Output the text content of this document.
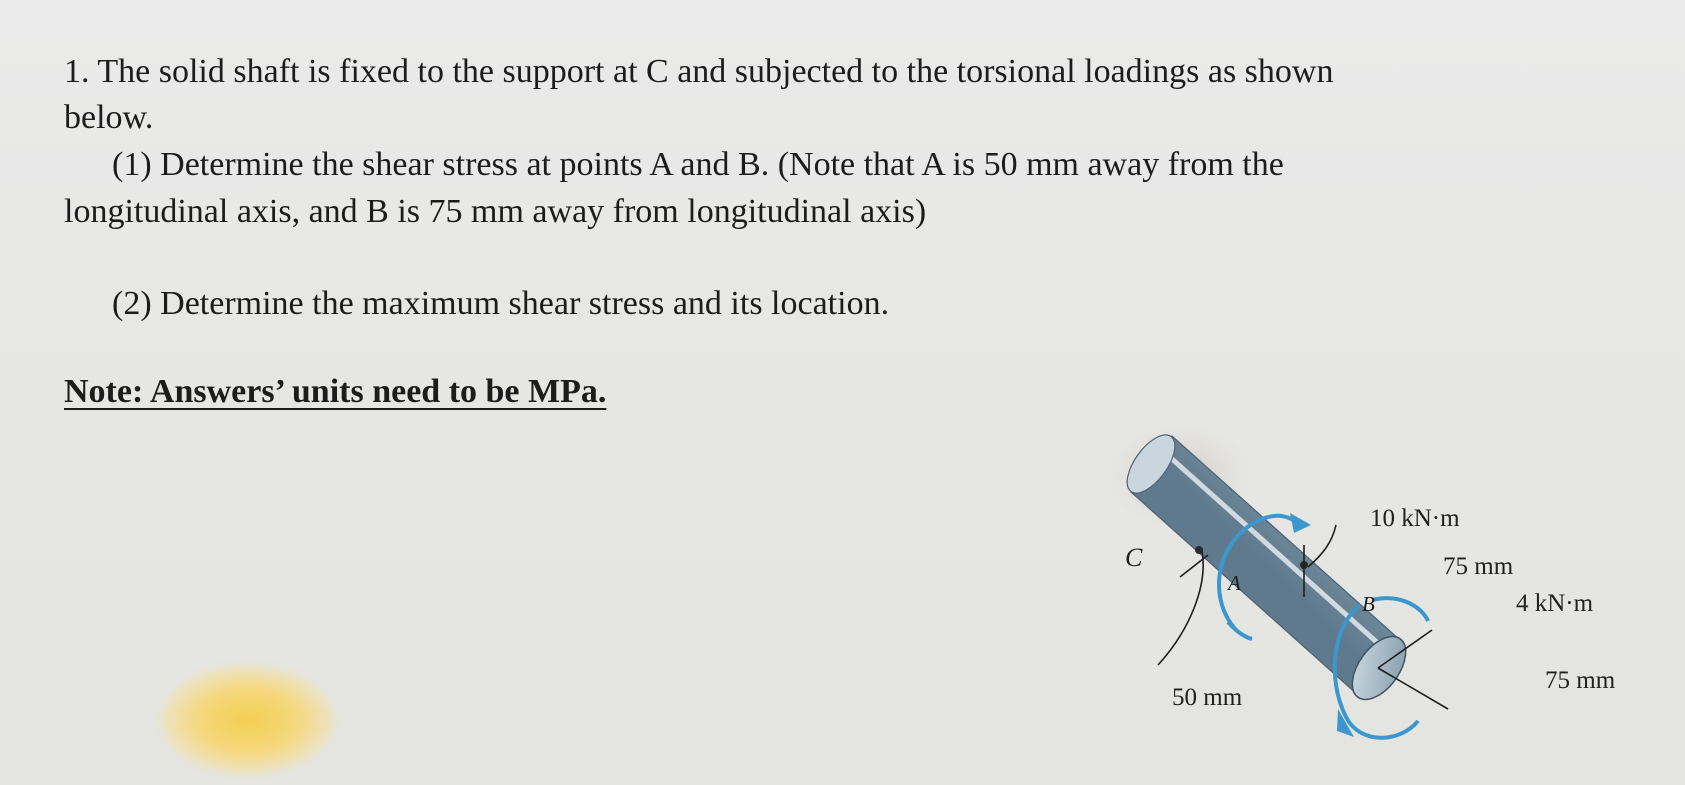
1. The solid shaft is fixed to the support at C and subjected to the torsional loadings as shown
below.
(1) Determine the shear stress at points A and B. (Note that A is 50 mm away from the
longitudinal axis, and B is 75 mm away from longitudinal axis)
(2) Determine the maximum shear stress and its location.
Note: Answers’ units need to be MPa.
C
A
B
10 kN·m
75 mm
4 kN·m
75 mm
50 mm
